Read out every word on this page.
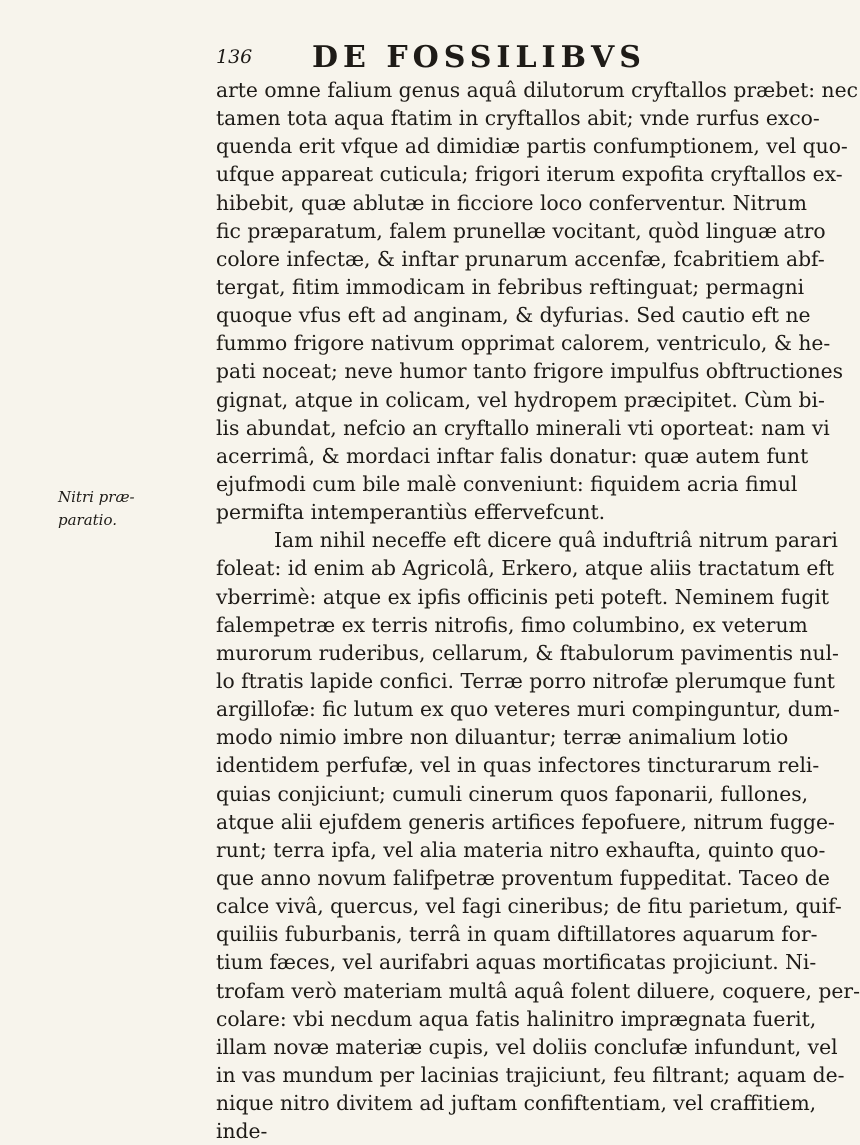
136 DE FOSSILIBVS
Nitri præ-
paratio.
arte omne falium genus aquâ dilutorum cryftallos præbet: nec
tamen tota aqua ftatim in cryftallos abit; vnde rurfus exco-
quenda erit vfque ad dimidiæ partis confumptionem, vel quo-
ufque appareat cuticula; frigori iterum expofita cryftallos ex-
hibebit, quæ ablutæ in ficciore loco conferventur. Nitrum
fic præparatum, falem prunellæ vocitant, quòd linguæ atro
colore infectæ, & inftar prunarum accenfæ, fcabritiem abf-
tergat, fitim immodicam in febribus reftinguat; permagni
quoque vfus eft ad anginam, & dyfurias. Sed cautio eft ne
fummo frigore nativum opprimat calorem, ventriculo, & he-
pati noceat; neve humor tanto frigore impulfus obftructiones
gignat, atque in colicam, vel hydropem præcipitet. Cùm bi-
lis abundat, nefcio an cryftallo minerali vti oporteat: nam vi
acerrimâ, & mordaci inftar falis donatur: quæ autem funt
ejufmodi cum bile malè conveniunt: fiquidem acria fimul
permifta intemperantiùs effervefcunt.
Iam nihil neceffe eft dicere quâ induftriâ nitrum parari
foleat: id enim ab Agricolâ, Erkero, atque aliis tractatum eft
vberrimè: atque ex ipfis officinis peti poteft. Neminem fugit
falempetræ ex terris nitrofis, fimo columbino, ex veterum
murorum ruderibus, cellarum, & ftabulorum pavimentis nul-
lo ftratis lapide confici. Terræ porro nitrofæ plerumque funt
argillofæ: fic lutum ex quo veteres muri compinguntur, dum-
modo nimio imbre non diluantur; terræ animalium lotio
identidem perfufæ, vel in quas infectores tincturarum reli-
quias conjiciunt; cumuli cinerum quos faponarii, fullones,
atque alii ejufdem generis artifices fepofuere, nitrum fugge-
runt; terra ipfa, vel alia materia nitro exhaufta, quinto quo-
que anno novum falifpetræ proventum fuppeditat. Taceo de
calce vivâ, quercus, vel fagi cineribus; de fitu parietum, quif-
quiliis fuburbanis, terrâ in quam diftillatores aquarum for-
tium fæces, vel aurifabri aquas mortificatas projiciunt. Ni-
trofam verò materiam multâ aquâ folent diluere, coquere, per-
colare: vbi necdum aqua fatis halinitro imprægnata fuerit,
illam novæ materiæ cupis, vel doliis conclufæ infundunt, vel
in vas mundum per lacinias trajiciunt, feu filtrant; aquam de-
nique nitro divitem ad juftam confiftentiam, vel craffitiem,
inde-
